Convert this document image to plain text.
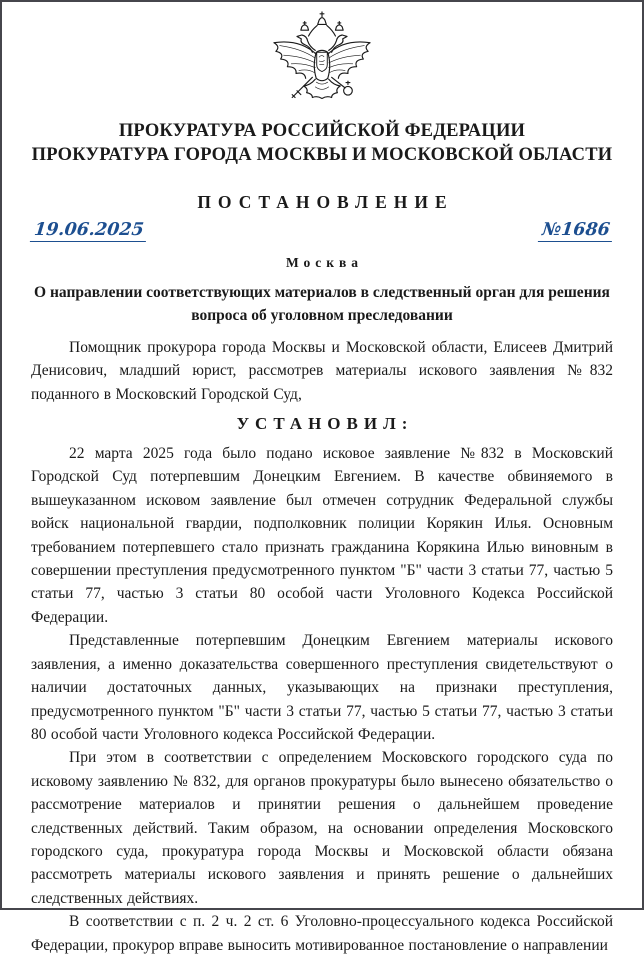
ПРОКУРАТУРА РОССИЙСКОЙ ФЕДЕРАЦИИ
ПРОКУРАТУРА ГОРОДА МОСКВЫ И МОСКОВСКОЙ ОБЛАСТИ
ПОСТАНОВЛЕНИЕ
19.06.2025	№1686
Москва
О направлении соответствующих материалов в следственный орган для решения вопроса об уголовном преследовании

Помощник прокурора города Москвы и Московской области, Елисеев Дмитрий Денисович, младший юрист, рассмотрев материалы искового заявления №832 поданного в Московский Городской Суд,

УСТАНОВИЛ:

22 марта 2025 года было подано исковое заявление №832 в Московский Городской Суд потерпевшим Донецким Евгением. В качестве обвиняемого в вышеуказанном исковом заявление был отмечен сотрудник Федеральной службы войск национальной гвардии, подполковник полиции Корякин Илья. Основным требованием потерпевшего стало признать гражданина Корякина Илью виновным в совершении преступления предусмотренного пунктом "Б" части 3 статьи 77, частью 5 статьи 77, частью 3 статьи 80 особой части Уголовного Кодекса Российской Федерации.

Представленные потерпевшим Донецким Евгением материалы искового заявления, а именно доказательства совершенного преступления свидетельствуют о наличии достаточных данных, указывающих на признаки преступления, предусмотренного пунктом "Б" части 3 статьи 77, частью 5 статьи 77, частью 3 статьи 80 особой части Уголовного кодекса Российской Федерации.

При этом в соответствии с определением Московского городского суда по исковому заявлению № 832, для органов прокуратуры было вынесено обязательство о рассмотрение материалов и принятии решения о дальнейшем проведение следственных действий. Таким образом, на основании определения Московского городского суда, прокуратура города Москвы и Московской области обязана рассмотреть материалы искового заявления и принять решение о дальнейших следственных действиях.

В соответствии с п. 2 ч. 2 ст. 6 Уголовно-процессуального кодекса Российской Федерации, прокурор вправе выносить мотивированное постановление о направлении
